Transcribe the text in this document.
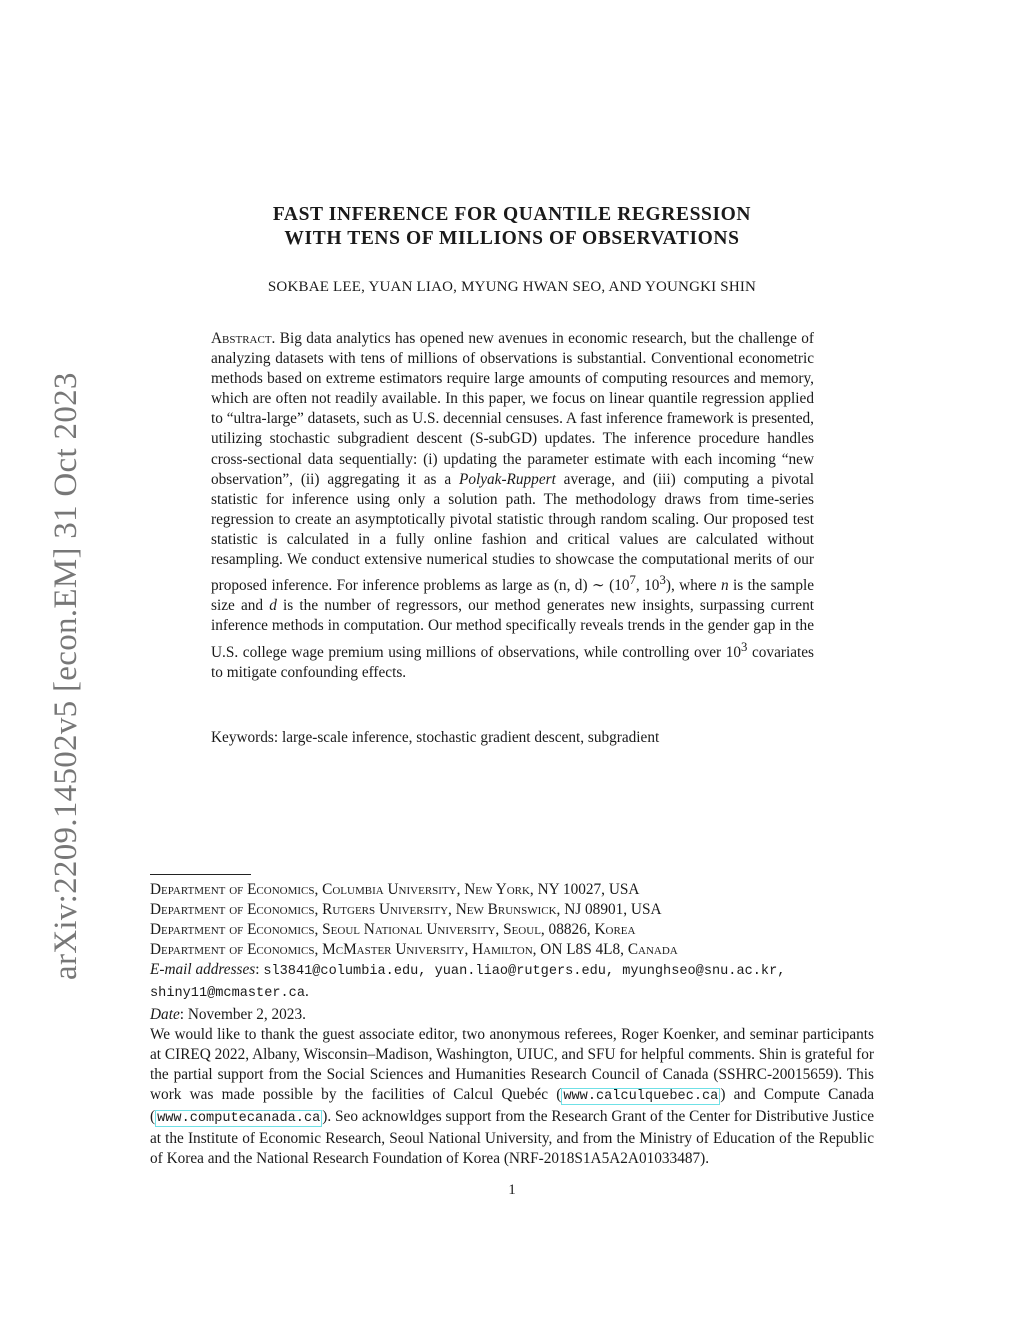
arXiv:2209.14502v5 [econ.EM] 31 Oct 2023
FAST INFERENCE FOR QUANTILE REGRESSION
WITH TENS OF MILLIONS OF OBSERVATIONS
SOKBAE LEE, YUAN LIAO, MYUNG HWAN SEO, AND YOUNGKI SHIN
Abstract. Big data analytics has opened new avenues in economic research, but the challenge of analyzing datasets with tens of millions of observations is substantial. Conventional econometric methods based on extreme estimators require large amounts of computing resources and memory, which are often not readily available. In this paper, we focus on linear quantile regression applied to “ultra-large” datasets, such as U.S. decennial censuses. A fast inference framework is presented, utilizing stochastic subgradient descent (S-subGD) updates. The inference procedure handles cross-sectional data sequentially: (i) updating the parameter estimate with each incoming “new observation”, (ii) aggregating it as a Polyak-Ruppert average, and (iii) computing a pivotal statistic for inference using only a solution path. The methodology draws from time-series regression to create an asymptotically pivotal statistic through random scaling. Our proposed test statistic is calculated in a fully online fashion and critical values are calculated without resampling. We conduct extensive numerical studies to showcase the computational merits of our proposed inference. For inference problems as large as (n, d) ∼ ($10^7$, $10^3$), where n is the sample size and d is the number of regressors, our method generates new insights, surpassing current inference methods in computation. Our method specifically reveals trends in the gender gap in the U.S. college wage premium using millions of observations, while controlling over $10^3$ covariates to mitigate confounding effects.
Keywords: large-scale inference, stochastic gradient descent, subgradient
Department of Economics, Columbia University, New York, NY 10027, USA
Department of Economics, Rutgers University, New Brunswick, NJ 08901, USA
Department of Economics, Seoul National University, Seoul, 08826, Korea
Department of Economics, McMaster University, Hamilton, ON L8S 4L8, Canada
E-mail addresses: sl3841@columbia.edu, yuan.liao@rutgers.edu, myunghseo@snu.ac.kr,
shiny11@mcmaster.ca.
Date: November 2, 2023.
We would like to thank the guest associate editor, two anonymous referees, Roger Koenker, and seminar participants at CIREQ 2022, Albany, Wisconsin–Madison, Washington, UIUC, and SFU for helpful comments. Shin is grateful for the partial support from the Social Sciences and Humanities Research Council of Canada (SSHRC-20015659). This work was made possible by the facilities of Calcul Quebéc ( www.calculquebec.ca ) and Compute Canada ( www.computecanada.ca ). Seo acknowldges support from the Research Grant of the Center for Distributive Justice at the Institute of Economic Research, Seoul National University, and from the Ministry of Education of the Republic of Korea and the National Research Foundation of Korea (NRF-2018S1A5A2A01033487).
1
